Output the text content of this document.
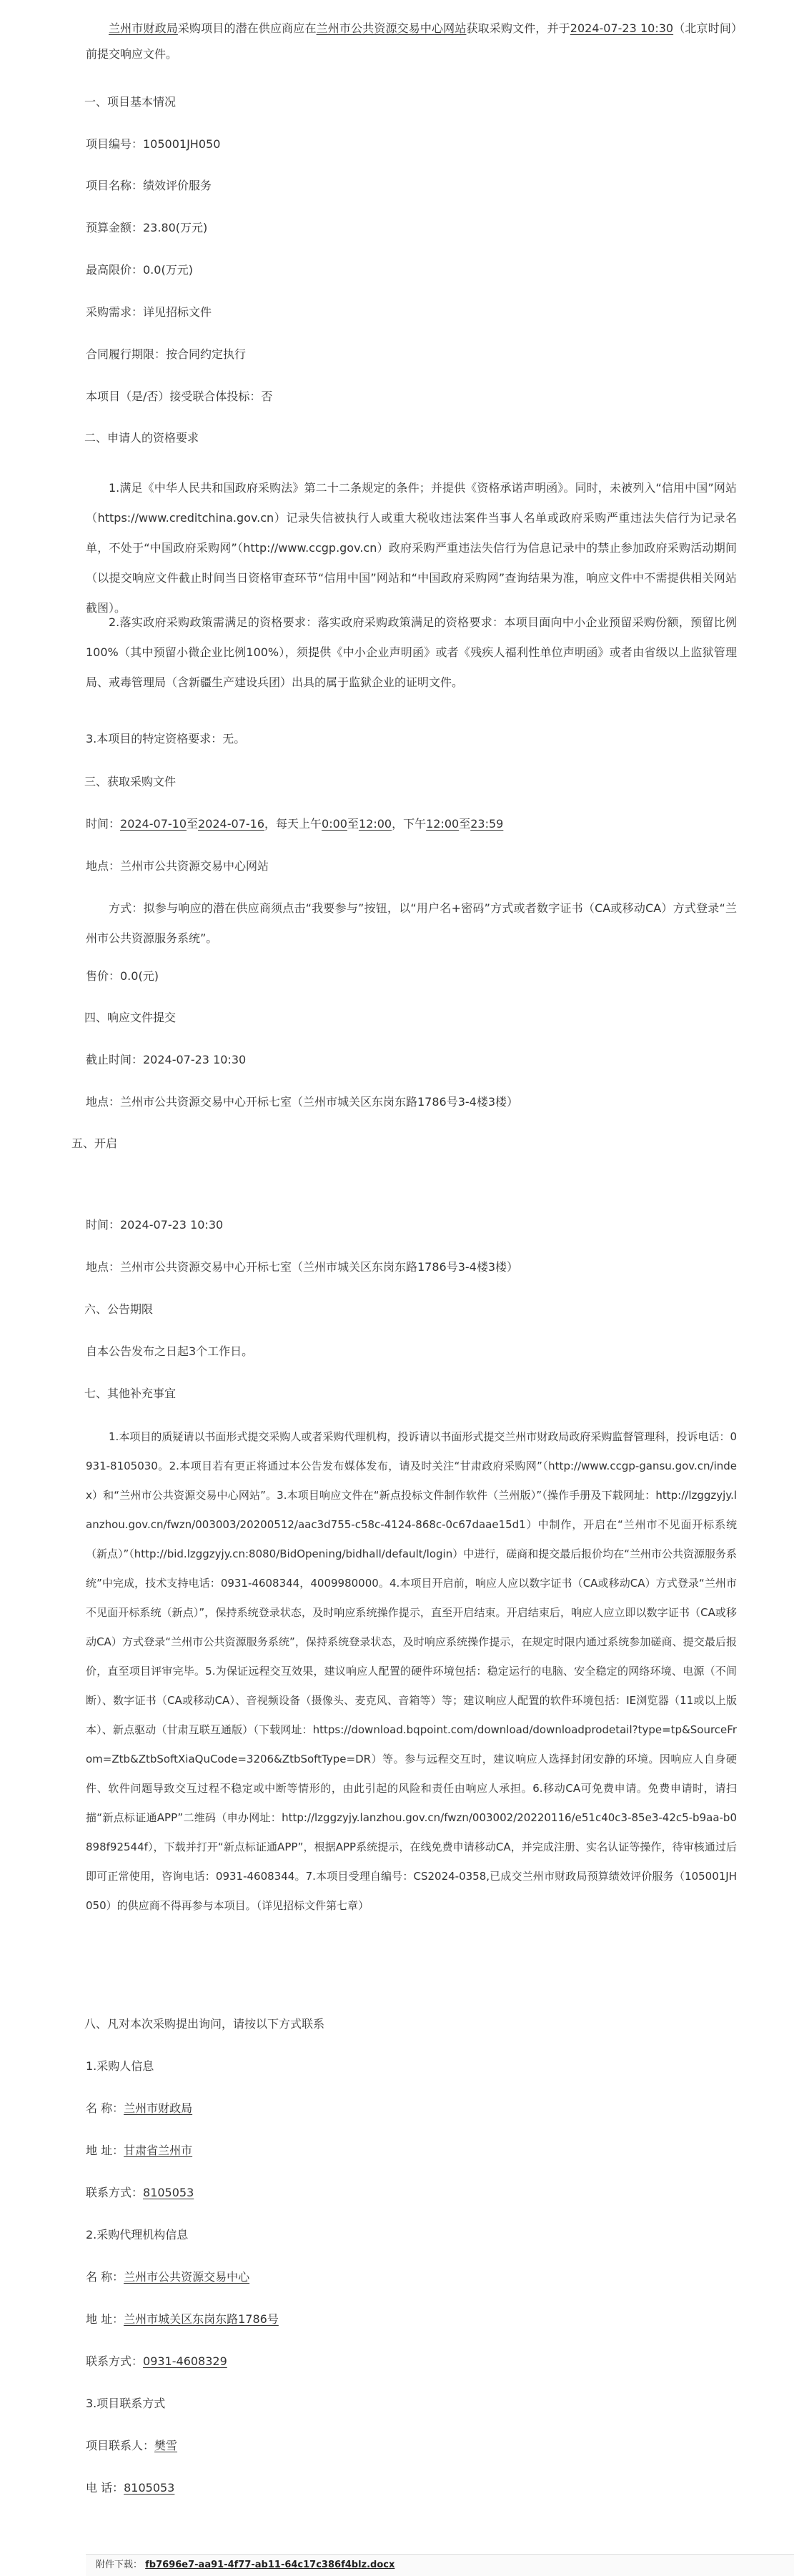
兰州市财政局采购项目的潜在供应商应在兰州市公共资源交易中心网站获取采购文件，并于2024-07-23 10:30（北京时间）前提交响应文件。

一、项目基本情况

项目编号：105001JH050

项目名称：绩效评价服务

预算金额：23.80(万元)

最高限价：0.0(万元)

采购需求：详见招标文件

合同履行期限：按合同约定执行

本项目（是/否）接受联合体投标：否

二、申请人的资格要求

1.满足《中华人民共和国政府采购法》第二十二条规定的条件；并提供《资格承诺声明函》。同时，未被列入“信用中国”网站（https://www.creditchina.gov.cn）记录失信被执行人或重大税收违法案件当事人名单或政府采购严重违法失信行为记录名单，不处于“中国政府采购网”（http://www.ccgp.gov.cn）政府采购严重违法失信行为信息记录中的禁止参加政府采购活动期间（以提交响应文件截止时间当日资格审查环节“信用中国”网站和“中国政府采购网”查询结果为准，响应文件中不需提供相关网站截图）。

2.落实政府采购政策需满足的资格要求：落实政府采购政策满足的资格要求：本项目面向中小企业预留采购份额，预留比例100%（其中预留小微企业比例100%），须提供《中小企业声明函》或者《残疾人福利性单位声明函》或者由省级以上监狱管理局、戒毒管理局（含新疆生产建设兵团）出具的属于监狱企业的证明文件。

3.本项目的特定资格要求：无。

三、获取采购文件

时间：2024-07-10至2024-07-16，每天上午0:00至12:00，下午12:00至23:59

地点：兰州市公共资源交易中心网站

方式：拟参与响应的潜在供应商须点击“我要参与”按钮，以“用户名+密码”方式或者数字证书（CA或移动CA）方式登录“兰州市公共资源服务系统”。

售价：0.0(元)

四、响应文件提交

截止时间：2024-07-23 10:30

地点：兰州市公共资源交易中心开标七室（兰州市城关区东岗东路1786号3-4楼3楼）

五、开启

时间：2024-07-23 10:30

地点：兰州市公共资源交易中心开标七室（兰州市城关区东岗东路1786号3-4楼3楼）

六、公告期限

自本公告发布之日起3个工作日。

七、其他补充事宜

1.本项目的质疑请以书面形式提交采购人或者采购代理机构，投诉请以书面形式提交兰州市财政局政府采购监督管理科，投诉电话：0931-8105030。2.本项目若有更正将通过本公告发布媒体发布，请及时关注“甘肃政府采购网”（http://www.ccgp-gansu.gov.cn/index）和“兰州市公共资源交易中心网站”。3.本项目响应文件在“新点投标文件制作软件（兰州版）”（操作手册及下载网址：http://lzggzyjy.lanzhou.gov.cn/fwzn/003003/20200512/aac3d755-c58c-4124-868c-0c67daae15d1）中制作，开启在“兰州市不见面开标系统（新点）”（http://bid.lzggzyjy.cn:8080/BidOpening/bidhall/default/login）中进行，磋商和提交最后报价均在“兰州市公共资源服务系统”中完成，技术支持电话：0931-4608344，4009980000。4.本项目开启前，响应人应以数字证书（CA或移动CA）方式登录“兰州市不见面开标系统（新点）”，保持系统登录状态，及时响应系统操作提示，直至开启结束。开启结束后，响应人应立即以数字证书（CA或移动CA）方式登录“兰州市公共资源服务系统”，保持系统登录状态，及时响应系统操作提示，在规定时限内通过系统参加磋商、提交最后报价，直至项目评审完毕。5.为保证远程交互效果，建议响应人配置的硬件环境包括：稳定运行的电脑、安全稳定的网络环境、电源（不间断）、数字证书（CA或移动CA）、音视频设备（摄像头、麦克风、音箱等）等；建议响应人配置的软件环境包括：IE浏览器（11或以上版本）、新点驱动（甘肃互联互通版）（下载网址：https://download.bqpoint.com/download/downloadprodetail?type=tp&SourceFrom=Ztb&ZtbSoftXiaQuCode=3206&ZtbSoftType=DR）等。参与远程交互时，建议响应人选择封闭安静的环境。因响应人自身硬件、软件问题导致交互过程不稳定或中断等情形的，由此引起的风险和责任由响应人承担。6.移动CA可免费申请。免费申请时，请扫描“新点标证通APP”二维码（申办网址：http://lzggzyjy.lanzhou.gov.cn/fwzn/003002/20220116/e51c40c3-85e3-42c5-b9aa-b0898f92544f），下载并打开“新点标证通APP”，根据APP系统提示，在线免费申请移动CA，并完成注册、实名认证等操作，待审核通过后即可正常使用，咨询电话：0931-4608344。7.本项目受理自编号：CS2024-0358,已成交兰州市财政局预算绩效评价服务（105001JH050）的供应商不得再参与本项目。（详见招标文件第七章）

八、凡对本次采购提出询问，请按以下方式联系

1.采购人信息

名 称：兰州市财政局

地 址：甘肃省兰州市

联系方式：8105053

2.采购代理机构信息

名 称：兰州市公共资源交易中心

地 址：兰州市城关区东岗东路1786号

联系方式：0931-4608329

3.项目联系方式

项目联系人：樊雪

电 话：8105053

附件下载： fb7696e7-aa91-4f77-ab11-64c17c386f4blz.docx
